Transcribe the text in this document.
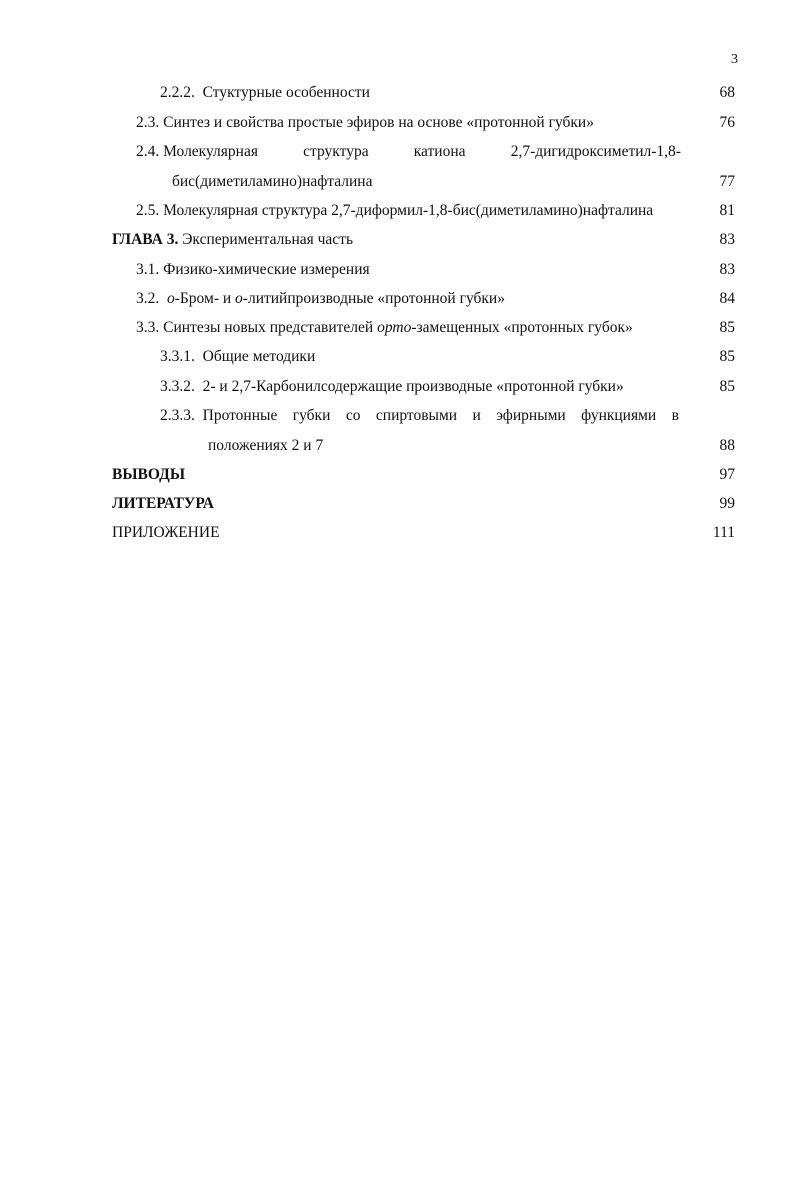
3
2.2.2. Стуктурные особенности	68
2.3. Синтез и свойства простые эфиров на основе «протонной губки»	76
2.4. Молекулярная	структура	катиона	2,7-дигидроксиметил-1,8-
бис(диметиламино)нафталина	77
2.5. Молекулярная структура 2,7-диформил-1,8-бис(диметиламино)нафталина	81
ГЛАВА 3. Экспериментальная часть	83
3.1. Физико-химические измерения	83
3.2. о-Бром- и о-литийпроизводные «протонной губки»	84
3.3. Синтезы новых представителей орто-замещенных «протонных губок»	85
3.3.1. Общие методики	85
3.3.2. 2- и 2,7-Карбонилсодержащие производные «протонной губки»	85
2.3.3. Протонные губки со спиртовыми и эфирными функциями в
положениях 2 и 7	88
ВЫВОДЫ	97
ЛИТЕРАТУРА	99
ПРИЛОЖЕНИЕ	111
